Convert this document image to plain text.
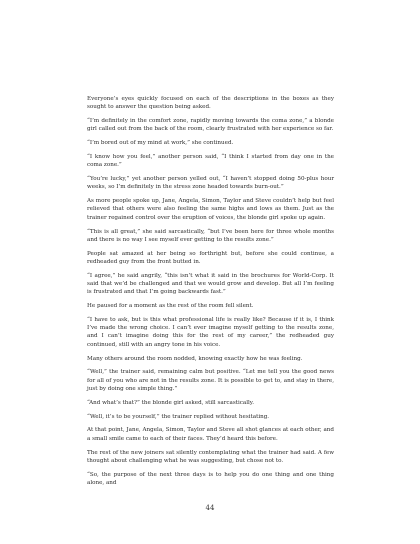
Everyone’s eyes quickly focused on each of the descriptions in the boxes as they sought to answer the question being asked.

“I’m definitely in the comfort zone, rapidly moving towards the coma zone,” a blonde girl called out from the back of the room, clearly frustrated with her experience so far.

“I’m bored out of my mind at work,” she continued.

“I know how you feel,” another person said, “I think I started from day one in the coma zone.”

“You’re lucky,” yet another person yelled out, “I haven’t stopped doing 50-plus hour weeks, so I’m definitely in the stress zone headed towards burn-out.”

As more people spoke up, Jane, Angela, Simon, Taylor and Steve couldn’t help but feel relieved that others were also feeling the same highs and lows as them. Just as the trainer regained control over the eruption of voices, the blonde girl spoke up again.

“This is all great,” she said sarcastically, “but I’ve been here for three whole months and there is no way I see myself ever getting to the results zone.”

People sat amazed at her being so forthright but, before she could continue, a redheaded guy from the front butted in.

“I agree,” he said angrily, “this isn’t what it said in the brochures for World-Corp. It said that we’d be challenged and that we would grow and develop. But all I’m feeling is frustrated and that I’m going backwards fast.”

He paused for a moment as the rest of the room fell silent.

“I have to ask, but is this what professional life is really like? Because if it is, I think I’ve made the wrong choice. I can’t ever imagine myself getting to the results zone, and I can’t imagine doing this for the rest of my career,” the redheaded guy continued, still with an angry tone in his voice.

Many others around the room nodded, knowing exactly how he was feeling.

“Well,” the trainer said, remaining calm but positive. “Let me tell you the good news for all of you who are not in the results zone. It is possible to get to, and stay in there, just by doing one simple thing.”

“And what’s that?” the blonde girl asked, still sarcastically.

“Well, it’s to be yourself,” the trainer replied without hesitating.

At that point, Jane, Angela, Simon, Taylor and Steve all shot glances at each other, and a small smile came to each of their faces. They’d heard this before.

The rest of the new joiners sat silently contemplating what the trainer had said. A few thought about challenging what he was suggesting, but chose not to.

“So, the purpose of the next three days is to help you do one thing and one thing alone, and

44
